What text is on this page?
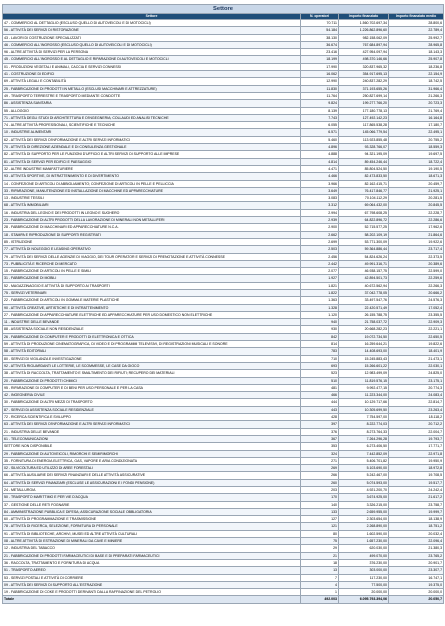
Settore			
Settore	N. operatori	Importo finanziato	Importo finanziato medio
47 - COMMERCIO AL DETTAGLIO (ESCLUSO QUELLO DI AUTOVEICOLI E DI MOTOCICLI)	70.711	1.560.702.697,34	28.800,6
56 - ATTIVITÀ DEI SERVIZI DI RISTORAZIONE	54.184	1.226.862.896,60	22.789,4
43 - LAVORI DI COSTRUZIONE SPECIALIZZATI	38.130	982.158.062,09	25.992,7
46 - COMMERCIO ALL'INGROSSO (ESCLUSO QUELLO DI AUTOVEICOLI E DI MOTOCICLI)	36.674	767.684.897,94	28.965,8
96 - ALTRE ATTIVITÀ DI SERVIZI PER LA PERSONA	23.416	427.954.097,94	18.143,3
45 - COMMERCIO ALL'INGROSSO E AL DETTAGLIO E RIPARAZIONE DI AUTOVEICOLI E MOTOCICLI	18.199	498.370.146,66	25.907,8
01 - PRODUZIONI VEGETALI E ANIMALI, CACCIA E SERVIZI CONNESSI	17.990	320.837.965,32	18.236,8
41 - COSTRUZIONE DI EDIFICI	16.062	354.917.695,13	22.154,9
69 - ATTIVITÀ LEGALI E CONTABILITÀ	12.990	240.837.282,29	18.742,5
25 - FABBRICAZIONE DI PRODOTTI IN METALLO (ESCLUSI MACCHINARI E ATTREZZATURE)	11.830	371.193.655,26	31.966,4
49 - TRASPORTO TERRESTRE E TRASPORTO MEDIANTE CONDOTTE	11.764	250.827.699,14	21.266,3
86 - ASSISTENZA SANITARIA	9.824	199.277.766,20	20.723,3
55 - ALLOGGIO	8.139	177.180.778,13	21.769,4
71 - ATTIVITÀ DEGLI STUDI DI ARCHITETTURA E D'INGEGNERIA; COLLAUDI ED ANALISI TECNICHE	7.743	127.492.142,23	16.164,8
74 - ALTRE ATTIVITÀ PROFESSIONALI, SCIENTIFICHE E TECNICHE	6.055	117.865.538,28	17.180,7
10 - INDUSTRIE ALIMENTARI	6.571	145.066.779,54	22.495,1
62 - ATTIVITÀ DEI SERVIZI D'INFORMAZIONE E ALTRI SERVIZI INFORMATICI	5.460	113.923.855,48	20.755,2
70 - ATTIVITÀ DI DIREZIONE AZIENDALE E DI CONSULENZA GESTIONALE	4.896	93.328.766,07	18.559,3
82 - ATTIVITÀ DI SUPPORTO PER LE FUNZIONI D'UFFICIO E ALTRI SERVIZI DI SUPPORTO ALLE IMPRESE	4.888	94.321.195,09	19.697,5
81 - ATTIVITÀ DI SERVIZI PER EDIFICI E PAESAGGIO	4.814	89.454.246,44	18.722,4
32 - ALTRE INDUSTRIE MANIFATTURIERE	4.471	85.804.524,50	19.190,5
93 - ATTIVITÀ SPORTIVE, DI INTRATTENIMENTO E DI DIVERTIMENTO	4.466	82.473.833,50	18.671,3
14 - CONFEZIONE DI ARTICOLI DI ABBIGLIAMENTO; CONFEZIONE DI ARTICOLI IN PELLE E PELLICCIA	3.966	82.162.415,71	20.459,7
33 - RIPARAZIONE, MANUTENZIONE ED INSTALLAZIONE DI MACCHINE ED APPARECCHIATURE	3.649	76.417.846,77	21.925,1
13 - INDUSTRIE TESSILI	3.083	70.104.112,29	20.281,5
68 - ATTIVITÀ IMMOBILIARI	3.312	69.064.432,00	20.845,5
16 - INDUSTRIA DEL LEGNO E DEI PRODOTTI IN LEGNO E SUGHERO	2.994	67.798.608,25	22.228,7
23 - FABBRICAZIONE DI ALTRI PRODOTTI DELLA LAVORAZIONE DI MINERALI NON METALLIFERI	2.939	64.822.896,72	22.286,6
28 - FABBRICAZIONE DI MACCHINARI ED APPARECCHIATURE N.C.A.	2.900	52.715.577,25	17.962,6
18 - STAMPA E RIPRODUZIONE DI SUPPORTI REGISTRATI	2.662	58.202.109,19	21.864,6
85 - ISTRUZIONE	2.699	53.771.300,09	19.922,6
77 - ATTIVITÀ DI NOLEGGIO E LEASING OPERATIVO	2.503	59.364.886,44	23.717,4
79 - ATTIVITÀ DEI SERVIZI DELLE AGENZIE DI VIAGGIO, DEI TOUR OPERATOR E SERVIZI DI PRENOTAZIONE E ATTIVITÀ CONNESSE	2.456	54.824.626,24	22.373,5
73 - PUBBLICITÀ E RICERCHE DI MERCATO	2.442	49.991.316,71	20.389,6
15 - FABBRICAZIONE DI ARTICOLI IN PELLE E SIMILI	2.077	46.938.157,75	22.599,0
31 - FABBRICAZIONE DI MOBILI	1.927	42.894.501,73	22.259,6
52 - MAGAZZINAGGIO E ATTIVITÀ DI SUPPORTO AI TRASPORTI	1.821	40.672.562,94	22.266,3
75 - SERVIZI VETERINARI	1.822	37.042.778,05	20.666,2
22 - FABBRICAZIONE DI ARTICOLI IN GOMMA E MATERIE PLASTICHE	1.363	33.497.547,76	24.576,3
90 - ATTIVITÀ CREATIVE, ARTISTICHE E DI INTRATTENIMENTO	1.328	22.420.571,49	17.052,4
27 - FABBRICAZIONE DI APPARECCHIATURE ELETTRICHE ED APPARECCHIATURE PER USO DOMESTICO NON ELETTRICHE	1.120	26.155.788,75	23.355,5
11 - INDUSTRIE DELLE BEVANDE	940	21.758.037,72	22.909,3
88 - ASSISTENZA SOCIALE NON RESIDENZIALE	930	20.668.282,23	22.221,1
26 - FABBRICAZIONE DI COMPUTER E PRODOTTI DI ELETTRONICA E OTTICA	842	19.072.734,50	22.650,5
59 - ATTIVITÀ DI PRODUZIONE CINEMATOGRAFICA, DI VIDEO E DI PROGRAMMI TELEVISIVI, DI REGISTRAZIONI MUSICALI E SONORE	814	16.259.644,21	19.822,6
58 - ATTIVITÀ EDITORIALI	783	14.408.693,00	18.401,9
80 - SERVIZI DI VIGILANZA E INVESTIGAZIONE	710	15.245.883,43	21.473,1
92 - ATTIVITÀ RIGUARDANTI LE LOTTERIE, LE SCOMMESSE, LE CASE DA GIOCO	693	15.266.601,22	22.030,1
38 - ATTIVITÀ DI RACCOLTA, TRATTAMENTO E SMALTIMENTO DEI RIFIUTI; RECUPERO DEI MATERIALI	523	12.983.499,09	24.825,0
20 - FABBRICAZIONE DI PRODOTTI CHIMICI	510	11.819.576,15	23.175,1
95 - RIPARAZIONE DI COMPUTER E DI BENI PER USO PERSONALE E PER LA CASA	481	9.992.477,15	20.774,3
42 - INGEGNERIA CIVILE	466	11.223.344,00	24.083,4
30 - FABBRICAZIONE DI ALTRI MEZZI DI TRASPORTO	444	10.129.717,66	22.814,7
87 - SERVIZI DI ASSISTENZA SOCIALE RESIDENZIALE	443	10.305.699,50	23.263,4
72 - RICERCA SCIENTIFICA E SVILUPPO	428	7.754.597,00	18.118,2
63 - ATTIVITÀ DEI SERVIZI D'INFORMAZIONE E ALTRI SERVIZI INFORMATICI	397	8.222.774,03	20.712,2
21 - INDUSTRIA DELLE BEVANDE	376	8.273.764,33	22.004,7
61 - TELECOMUNICAZIONI	367	7.264.296,28	19.793,7
SETTORE NON DISPONIBILE	353	6.273.406,50	17.771,7
29 - FABBRICAZIONE DI AUTOVEICOLI, RIMORCHI E SEMIRIMORCHI	324	7.442.852,09	22.971,8
35 - FORNITURA DI ENERGIA ELETTRICA, GAS, VAPORE E ARIA CONDIZIONATA	271	5.406.701,82	19.950,9
02 - SILVICOLTURA ED UTILIZZO DI AREE FORESTALI	269	5.103.690,00	18.972,8
66 - ATTIVITÀ AUSILIARIE DEI SERVIZI FINANZIARI E DELLE ATTIVITÀ ASSICURATIVE	266	5.242.467,00	19.708,5
64 - ATTIVITÀ DI SERVIZI FINANZIARI (ESCLUSE LE ASSICURAZIONI E I FONDI PENSIONE)	260	5.074.593,00	19.517,7
24 - METALLURGIA	203	4.921.200,70	24.242,4
50 - TRASPORTO MARITTIMO E PER VIE D'ACQUA	170	3.674.925,00	21.617,2
37 - GESTIONE DELLE RETI FOGNARIE	140	3.326.215,00	23.758,7
84 - AMMINISTRAZIONE PUBBLICA E DIFESA; ASSICURAZIONE SOCIALE OBBLIGATORIA	133	2.659.955,00	19.999,7
60 - ATTIVITÀ DI PROGRAMMAZIONE E TRASMISSIONE	127	2.303.654,00	18.138,9
78 - ATTIVITÀ DI RICERCA, SELEZIONE, FORNITURA DI PERSONALE	121	2.268.890,00	18.751,2
91 - ATTIVITÀ DI BIBLIOTECHE, ARCHIVI, MUSEI ED ALTRE ATTIVITÀ CULTURALI	80	1.602.590,00	20.032,4
08 - ALTRE ATTIVITÀ DI ESTRAZIONE DI MINERALI DA CAVE E MINIERE	75	1.657.230,00	22.096,4
12 - INDUSTRIA DEL TABACCO	29	620.030,00	21.380,3
21 - FABBRICAZIONE DI PRODOTTI FARMACEUTICI DI BASE E DI PREPARATI FARMACEUTICI	21	499.070,00	23.765,2
36 - RACCOLTA, TRATTAMENTO E FORNITURA DI ACQUA	18	376.230,00	20.901,7
51 - TRASPORTO AEREO	13	303.000,00	23.307,7
53 - SERVIZI POSTALI E ATTIVITÀ DI CORRIERE	7	117.230,00	16.747,1
09 - ATTIVITÀ DEI SERVIZI DI SUPPORTO ALL'ESTRAZIONE	4	77.500,00	19.375,0
19 - FABBRICAZIONE DI COKE E PRODOTTI DERIVANTI DALLA RAFFINAZIONE DEL PETROLIO	1	20.000,00	20.000,0
Totale	492.003	6.095.793.394,06	20.050,7
